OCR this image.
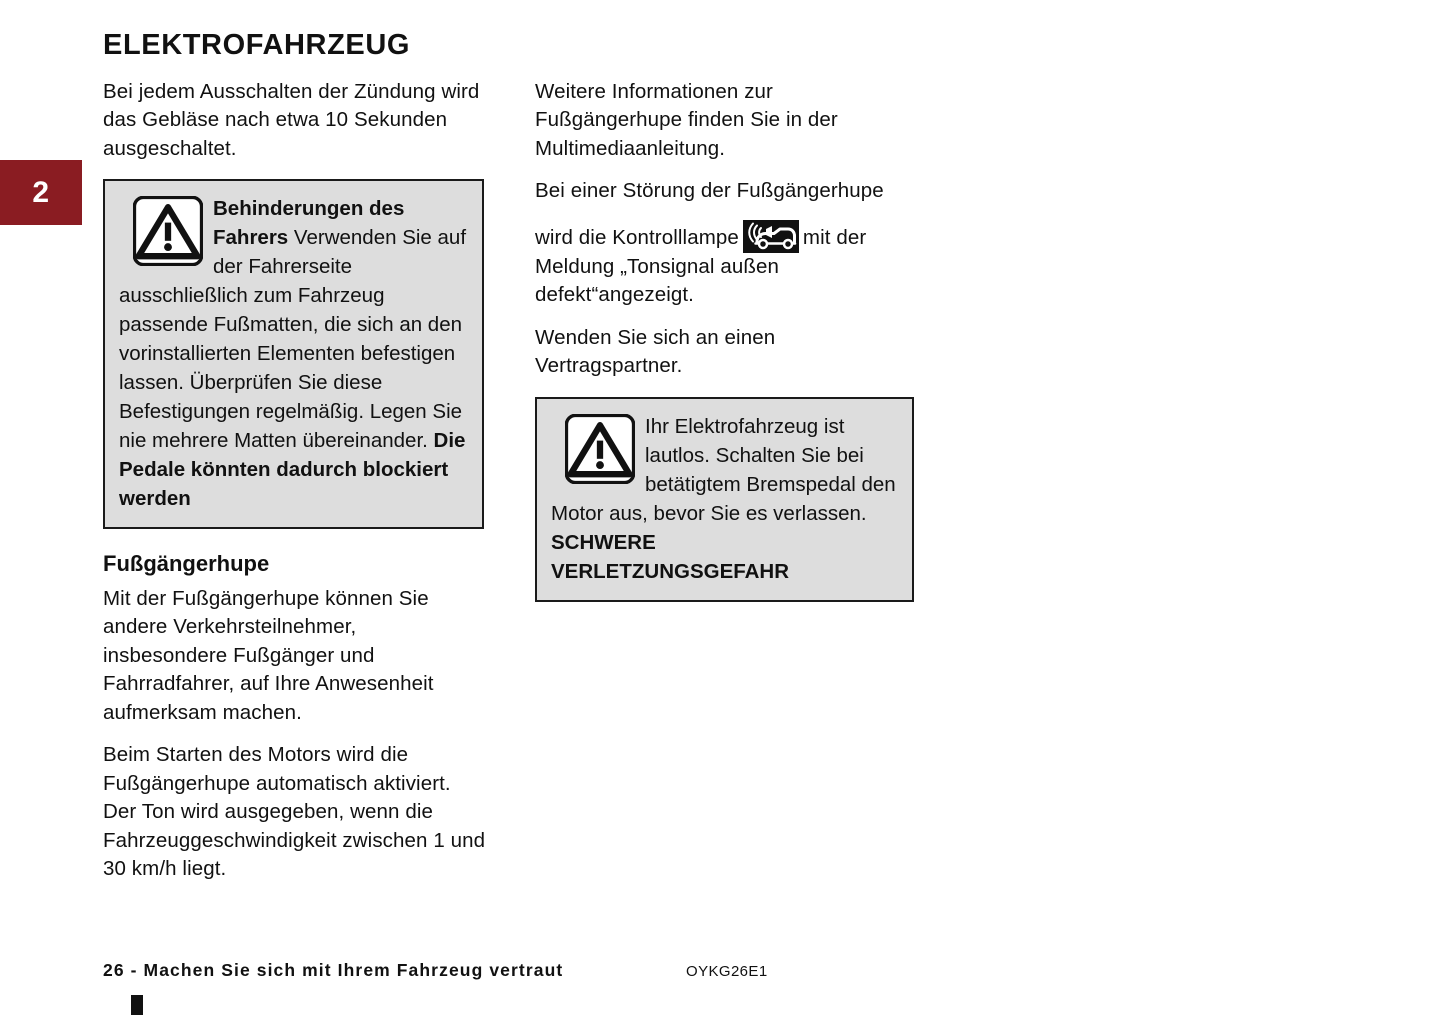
2
ELEKTROFAHRZEUG

Bei jedem Ausschalten der Zündung wird das Gebläse nach etwa 10 Sekunden ausgeschaltet.

Behinderungen des Fahrers Verwenden Sie auf der Fahrerseite ausschließlich zum Fahrzeug passende Fußmatten, die sich an den vorinstallierten Elementen befestigen lassen. Überprüfen Sie diese Befestigungen regelmäßig. Legen Sie nie mehrere Matten übereinander. Die Pedale könnten dadurch blockiert werden
Fußgängerhupe

Mit der Fußgängerhupe können Sie andere Verkehrsteilnehmer, insbesondere Fußgänger und Fahrradfahrer, auf Ihre Anwesenheit aufmerksam machen.

Beim Starten des Motors wird die Fußgängerhupe automatisch aktiviert. Der Ton wird ausgegeben, wenn die Fahrzeuggeschwindigkeit zwischen 1 und 30 km/h liegt.

Weitere Informationen zur Fußgängerhupe finden Sie in der Multimediaanleitung.

Bei einer Störung der Fußgängerhupe

wird die Kontrolllampe	mit der Meldung „Tonsignal außen defekt“angezeigt.

Wenden Sie sich an einen Vertragspartner.

Ihr Elektrofahrzeug ist lautlos. Schalten Sie bei betätigtem Bremspedal den Motor aus, bevor Sie es verlassen. SCHWERE VERLETZUNGSGEFAHR
26 - Machen Sie sich mit Ihrem Fahrzeug vertraut	OYKG26E1
